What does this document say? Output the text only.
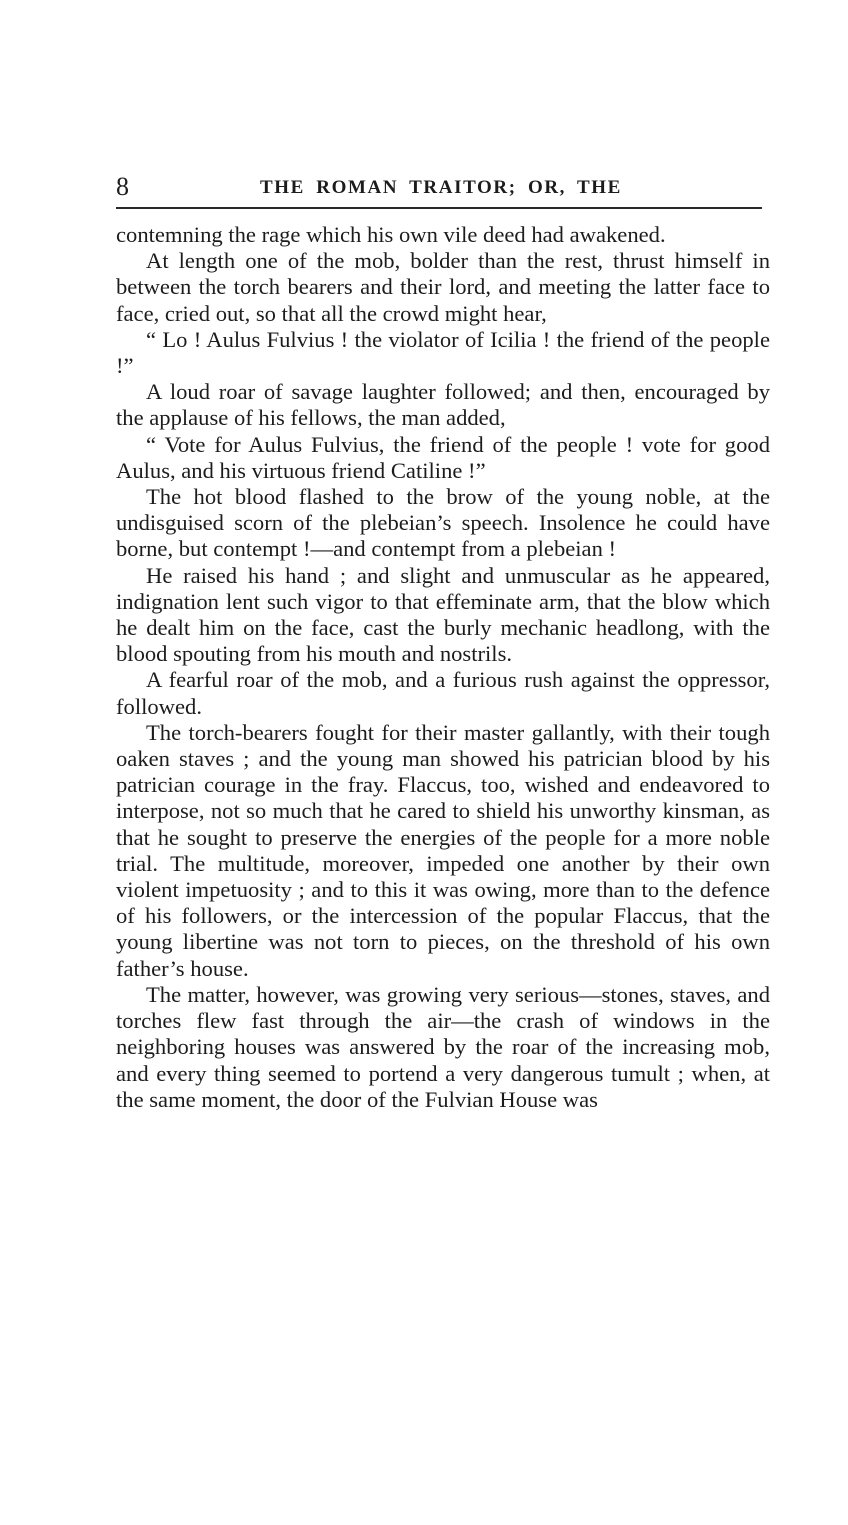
8	THE ROMAN TRAITOR; OR, THE

contemning the rage which his own vile deed had awakened.

At length one of the mob, bolder than the rest, thrust himself in between the torch bearers and their lord, and meeting the latter face to face, cried out, so that all the crowd might hear,

“ Lo ! Aulus Fulvius ! the violator of Icilia ! the friend of the people !”

A loud roar of savage laughter followed; and then, encouraged by the applause of his fellows, the man added,

“ Vote for Aulus Fulvius, the friend of the people ! vote for good Aulus, and his virtuous friend Catiline !”

The hot blood flashed to the brow of the young noble, at the undisguised scorn of the plebeian’s speech. Insolence he could have borne, but contempt !—and contempt from a plebeian !

He raised his hand ; and slight and unmuscular as he appeared, indignation lent such vigor to that effeminate arm, that the blow which he dealt him on the face, cast the burly mechanic headlong, with the blood spouting from his mouth and nostrils.

A fearful roar of the mob, and a furious rush against the oppressor, followed.

The torch-bearers fought for their master gallantly, with their tough oaken staves ; and the young man showed his patrician blood by his patrician courage in the fray. Flaccus, too, wished and endeavored to interpose, not so much that he cared to shield his unworthy kinsman, as that he sought to preserve the energies of the people for a more noble trial. The multitude, moreover, impeded one another by their own violent impetuosity ; and to this it was owing, more than to the defence of his followers, or the intercession of the popular Flaccus, that the young libertine was not torn to pieces, on the threshold of his own father’s house.

The matter, however, was growing very serious—stones, staves, and torches flew fast through the air—the crash of windows in the neighboring houses was answered by the roar of the increasing mob, and every thing seemed to portend a very dangerous tumult ; when, at the same moment, the door of the Fulvian House was
